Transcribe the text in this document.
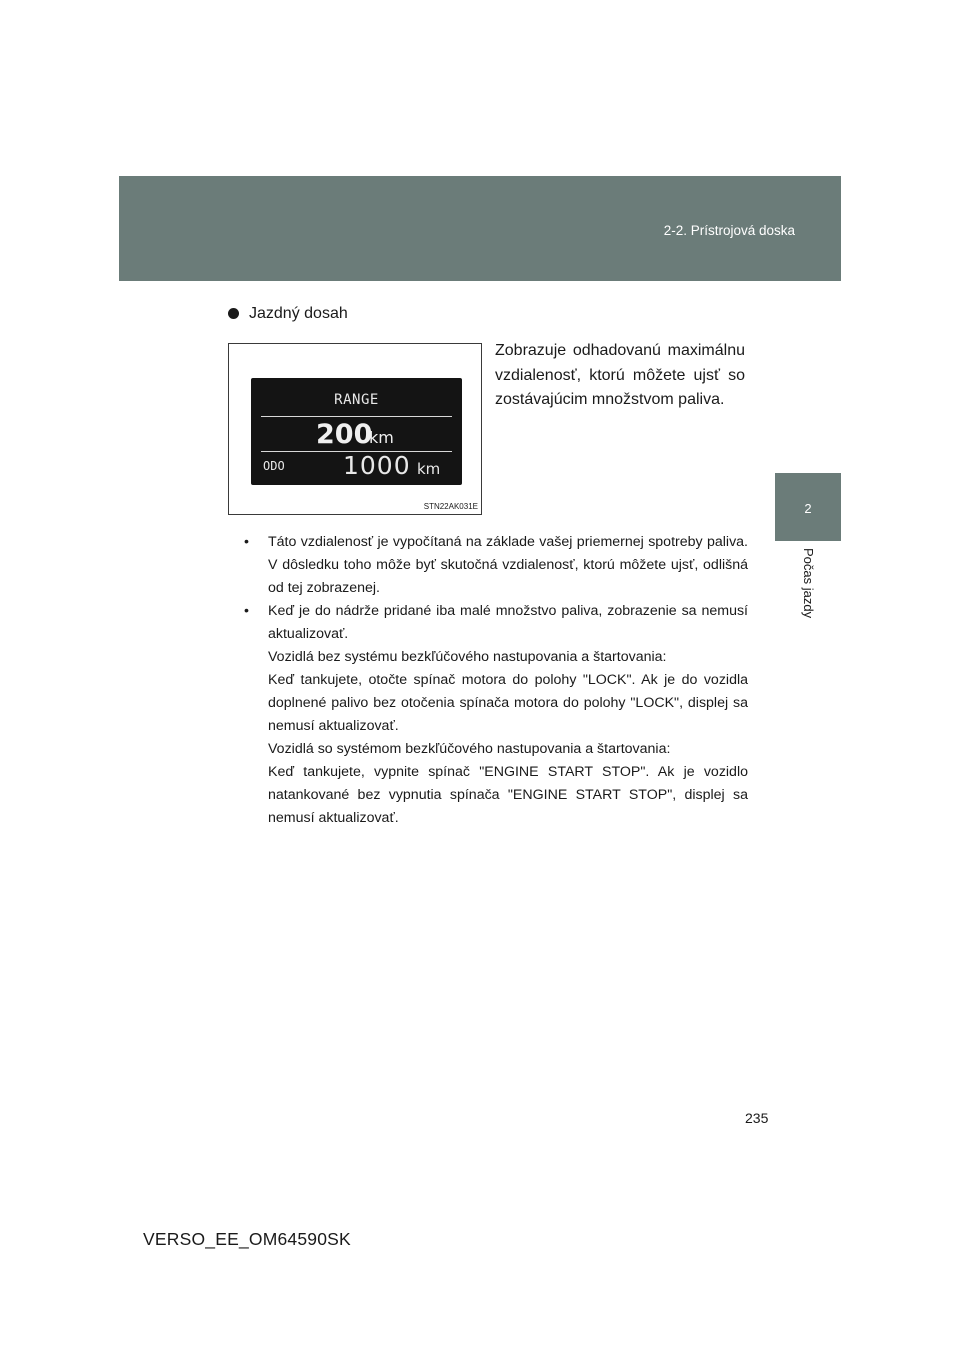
2-2. Prístrojová doska
2
Počas jazdy
Jazdný dosah
RANGE
200
km
ODO 1000 km
STN22AK031E
Zobrazuje odhadovanú maximálnu vzdialenosť, ktorú môžete ujsť so zostávajúcim množstvom paliva.
• Táto vzdialenosť je vypočítaná na základe vašej priemernej spotreby paliva. V dôsledku toho môže byť skutočná vzdialenosť, ktorú môžete ujsť, odlišná od tej zobrazenej.

• Keď je do nádrže pridané iba malé množstvo paliva, zobrazenie sa nemusí aktualizovať.

Vozidlá bez systému bezkľúčového nastupovania a štartovania:

Keď tankujete, otočte spínač motora do polohy "LOCK". Ak je do vozidla doplnené palivo bez otočenia spínača motora do polohy "LOCK", displej sa nemusí aktualizovať.

Vozidlá so systémom bezkľúčového nastupovania a štartovania:

Keď tankujete, vypnite spínač "ENGINE START STOP". Ak je vozidlo natankované bez vypnutia spínača "ENGINE START STOP", displej sa nemusí aktualizovať.

235
VERSO_EE_OM64590SK
